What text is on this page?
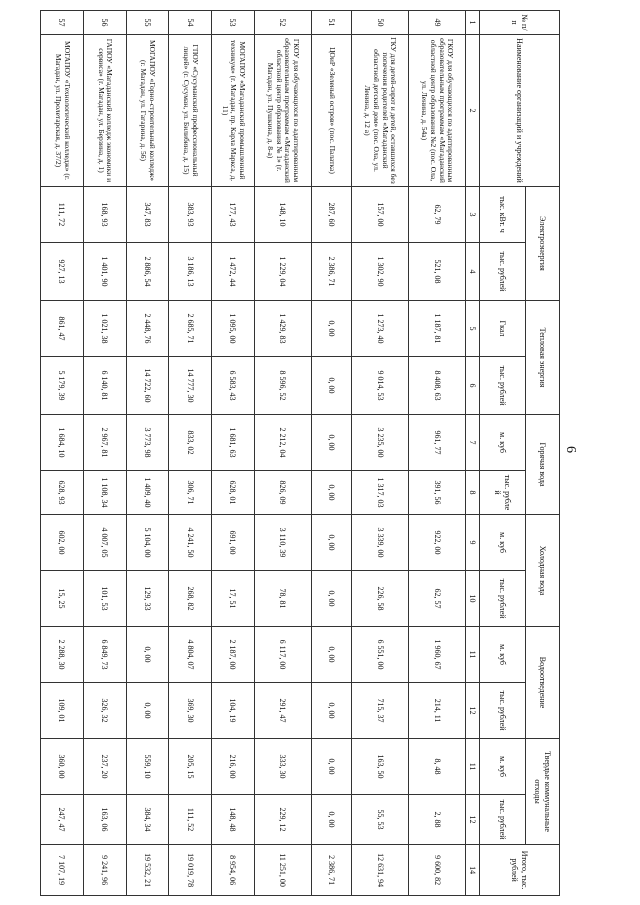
6
№ п/п	Наименование организаций и учреждений	Электроэнергия		Тепловая энергия		Горячая вода		Холодная вода		Водоотведение		Твердые коммунальные отходы		Итого, тыс. рублей
		тыс. кВт. ч	тыс. рублей	Гкал	тыс. рублей	м. куб	тыс. рубле й	м. куб	тыс. рублей	м. куб	тыс. рублей	м. куб	тыс. рублей	
1	2	3	4	5	6	7	8	9	10	11	12	11	12	14
49	ГКОУ для обучающихся по адаптированным образовательным программам «Магаданский областной центр образования №2 (пос. Ола, ул. Ленина, д. 54а)	62, 79	521, 08	1 187, 81	8 408, 63	961, 77	391, 56	922, 00	62, 57	1 960, 67	214, 11	8, 48	2, 88	9 600, 82
50	ГКУ для детей-сирот и детей, оставшихся без попечения родителей «Магаданский областной детский дом» (пос. Ола, ул. Ленина, д. 12 а)	157, 00	1 302, 90	1 273, 40	9 014, 53	3 235, 00	1 317, 03	3 339, 00	226, 58	6 551, 00	715, 37	163, 50	55, 53	12 631, 94
51	ЦОиР «Зеленый остров» (пос. Палатка)	287, 60	2 386, 71	0, 00	0, 00	0, 00	0, 00	0, 00	0, 00	0, 00	0, 00	0, 00	0, 00	2 386, 71
52	ГКОУ для обучающихся по адаптированным образовательным программам «Магаданский областной центр образования № 1» (г. Магадан, ул. Пушкина, д. 8-а)	148, 10	1 229, 04	1 429, 83	8 596, 52	2 212, 04	826, 09	3 110, 39	78, 81	6 117, 00	291, 47	333, 30	229, 12	11 251, 00
53	МОГАПОУ «Магаданский промышленный техникум» (г. Магадан, пр. Карла Маркса, д. 11)	177, 43	1 472, 44	1 095, 00	6 583, 43	1 681, 63	628, 01	691, 00	17, 51	2 187, 00	104, 19	216, 00	148, 48	8 954, 06
54	ГПОУ «Сусуманский профессиональный лицей» (г. Сусуман, ул. Билибина, д. 15)	383, 93	3 186, 13	2 685, 71	14 777, 30	833, 02	306, 71	4 241, 50	268, 82	4 804, 07	369, 30	205, 15	111, 52	19 019, 78
55	МОГАПОУ «Горно-строительный колледж» (г. Магадан, ул. Гагарина, д. 56)	347, 83	2 886, 54	2 448, 76	14 722, 60	3 773, 98	1 409, 40	5 104, 00	129, 33	0, 00	0, 00	559, 10	384, 34	19 532, 21
56	ГАПОУ «Магаданский колледж экономики и сервиса» (г. Магадан, ул. Берзина, д. 1)	168, 93	1 401, 90	1 021, 38	6 140, 81	2 967, 81	1 108, 34	4 007, 05	101, 53	6 849, 73	326, 32	237, 20	163, 06	9 241, 96
57	МОГАПОУ «Технологический колледж» (г. Магадан, ул. Пролетарская, д. 37/2)	111, 72	927, 13	861, 47	5 179, 39	1 684, 10	628, 93	602, 00	15, 25	2 288, 30	109, 01	360, 00	247, 47	7 107, 19
